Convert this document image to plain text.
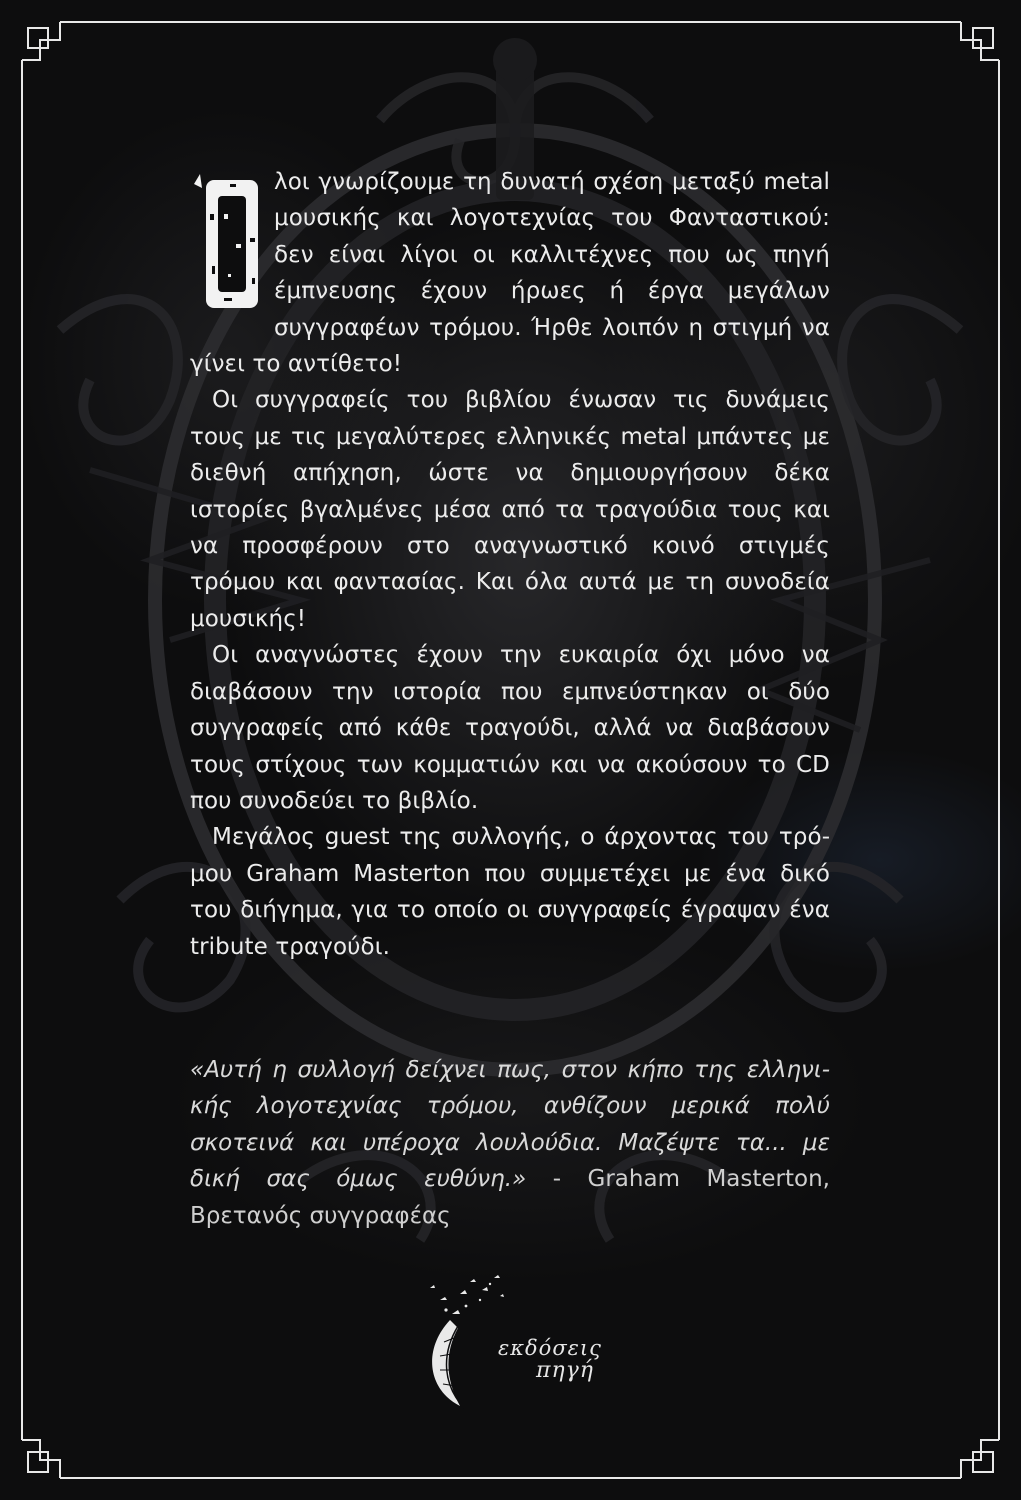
Ό	λοι γνωρίζουμε τη δυνατή σχέση μεταξύ metal μουσικής και λογοτεχνίας του Φανταστικού: δεν είναι λίγοι οι καλλιτέχνες που ως πηγή έμπνευσης έχουν ήρωες ή έργα μεγάλων συγγραφέων τρόμου. Ήρθε λοιπόν η στιγμή να γίνει το αντίθετο!

Οι συγγραφείς του βιβλίου ένωσαν τις δυνάμεις τους με τις μεγαλύτερες ελληνικές metal μπάντες με διεθνή απήχηση, ώστε να δημιουργήσουν δέκα ιστορίες βγαλμένες μέσα από τα τραγούδια τους και να προσφέρουν στο αναγνωστικό κοινό στιγμές τρόμου και φαντασίας. Και όλα αυτά με τη συνοδεία μουσικής!

Οι αναγνώστες έχουν την ευκαιρία όχι μόνο να διαβάσουν την ιστορία που εμπνεύστηκαν οι δύο συγγραφείς από κάθε τραγούδι, αλλά να διαβάσουν τους στίχους των κομματιών και να ακούσουν το CD που συνοδεύει το βιβλίο.

Μεγάλος guest της συλλογής, ο άρχοντας του τρόμου Graham Masterton που συμμετέχει με ένα δικό του διήγημα, για το οποίο οι συγγραφείς έγραψαν ένα tribute τραγούδι.

«Αυτή η συλλογή δείχνει πως, στον κήπο της ελληνικής λογοτεχνίας τρόμου, ανθίζουν μερικά πολύ σκοτεινά και υπέροχα λουλούδια. Μαζέψτε τα... με δική σας όμως ευθύνη.» - Graham Masterton, Βρετανός συγγραφέας

εκδόσεις
πηγή
